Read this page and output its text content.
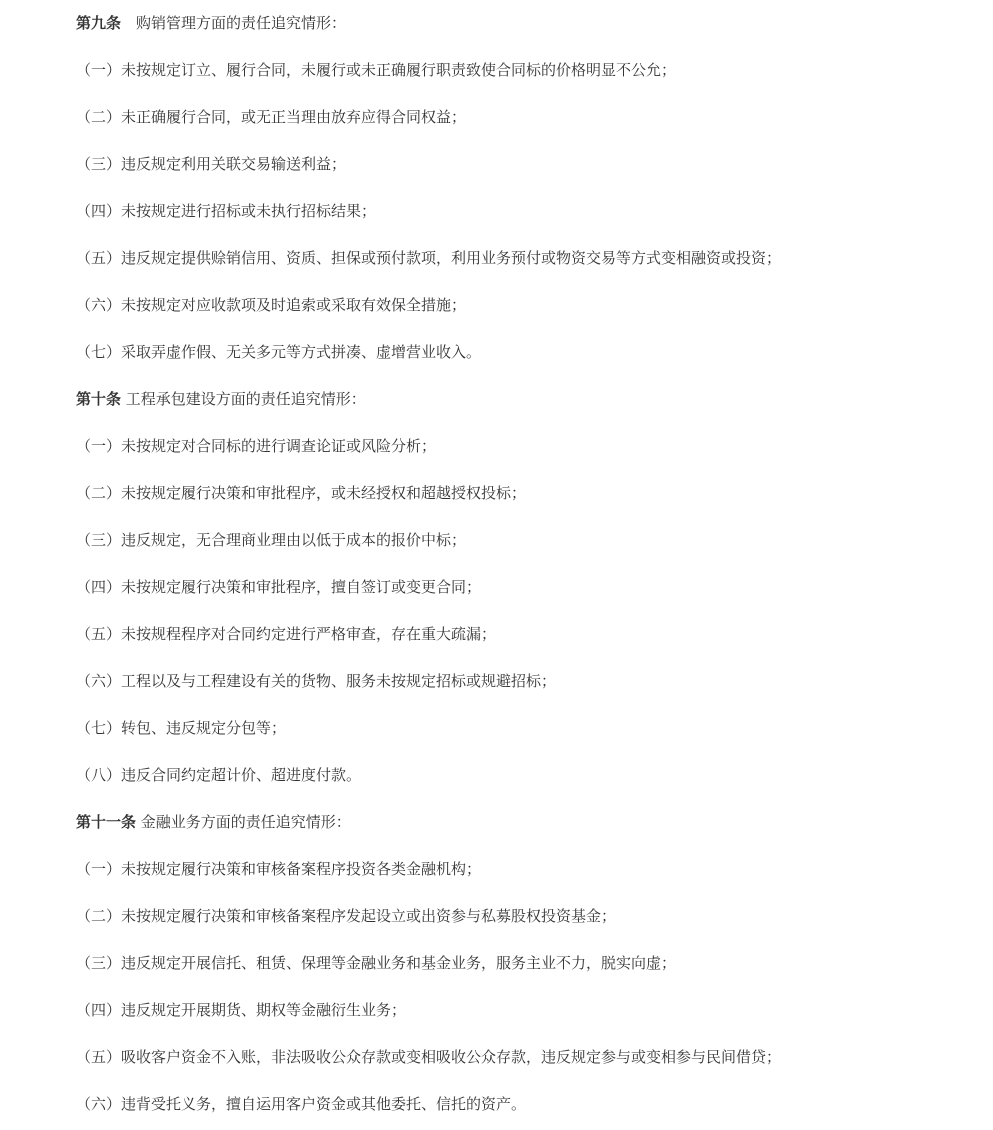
第九条　 购销管理方面的责任追究情形：
（一）未按规定订立、履行合同，未履行或未正确履行职责致使合同标的价格明显不公允；
（二）未正确履行合同，或无正当理由放弃应得合同权益；
（三）违反规定利用关联交易输送利益；
（四）未按规定进行招标或未执行招标结果；
（五）违反规定提供赊销信用、资质、担保或预付款项，利用业务预付或物资交易等方式变相融资或投资；
（六）未按规定对应收款项及时追索或采取有效保全措施；
（七）采取弄虚作假、无关多元等方式拼凑、虚增营业收入。
第十条 工程承包建设方面的责任追究情形：
（一）未按规定对合同标的进行调查论证或风险分析；
（二）未按规定履行决策和审批程序，或未经授权和超越授权投标；
（三）违反规定，无合理商业理由以低于成本的报价中标；
（四）未按规定履行决策和审批程序，擅自签订或变更合同；
（五）未按规程程序对合同约定进行严格审查，存在重大疏漏；
（六）工程以及与工程建设有关的货物、服务未按规定招标或规避招标；
（七）转包、违反规定分包等；
（八）违反合同约定超计价、超进度付款。
第十一条 金融业务方面的责任追究情形：
（一）未按规定履行决策和审核备案程序投资各类金融机构；
（二）未按规定履行决策和审核备案程序发起设立或出资参与私募股权投资基金；
（三）违反规定开展信托、租赁、保理等金融业务和基金业务，服务主业不力，脱实向虚；
（四）违反规定开展期货、期权等金融衍生业务；
（五）吸收客户资金不入账，非法吸收公众存款或变相吸收公众存款，违反规定参与或变相参与民间借贷；
（六）违背受托义务，擅自运用客户资金或其他委托、信托的资产。
